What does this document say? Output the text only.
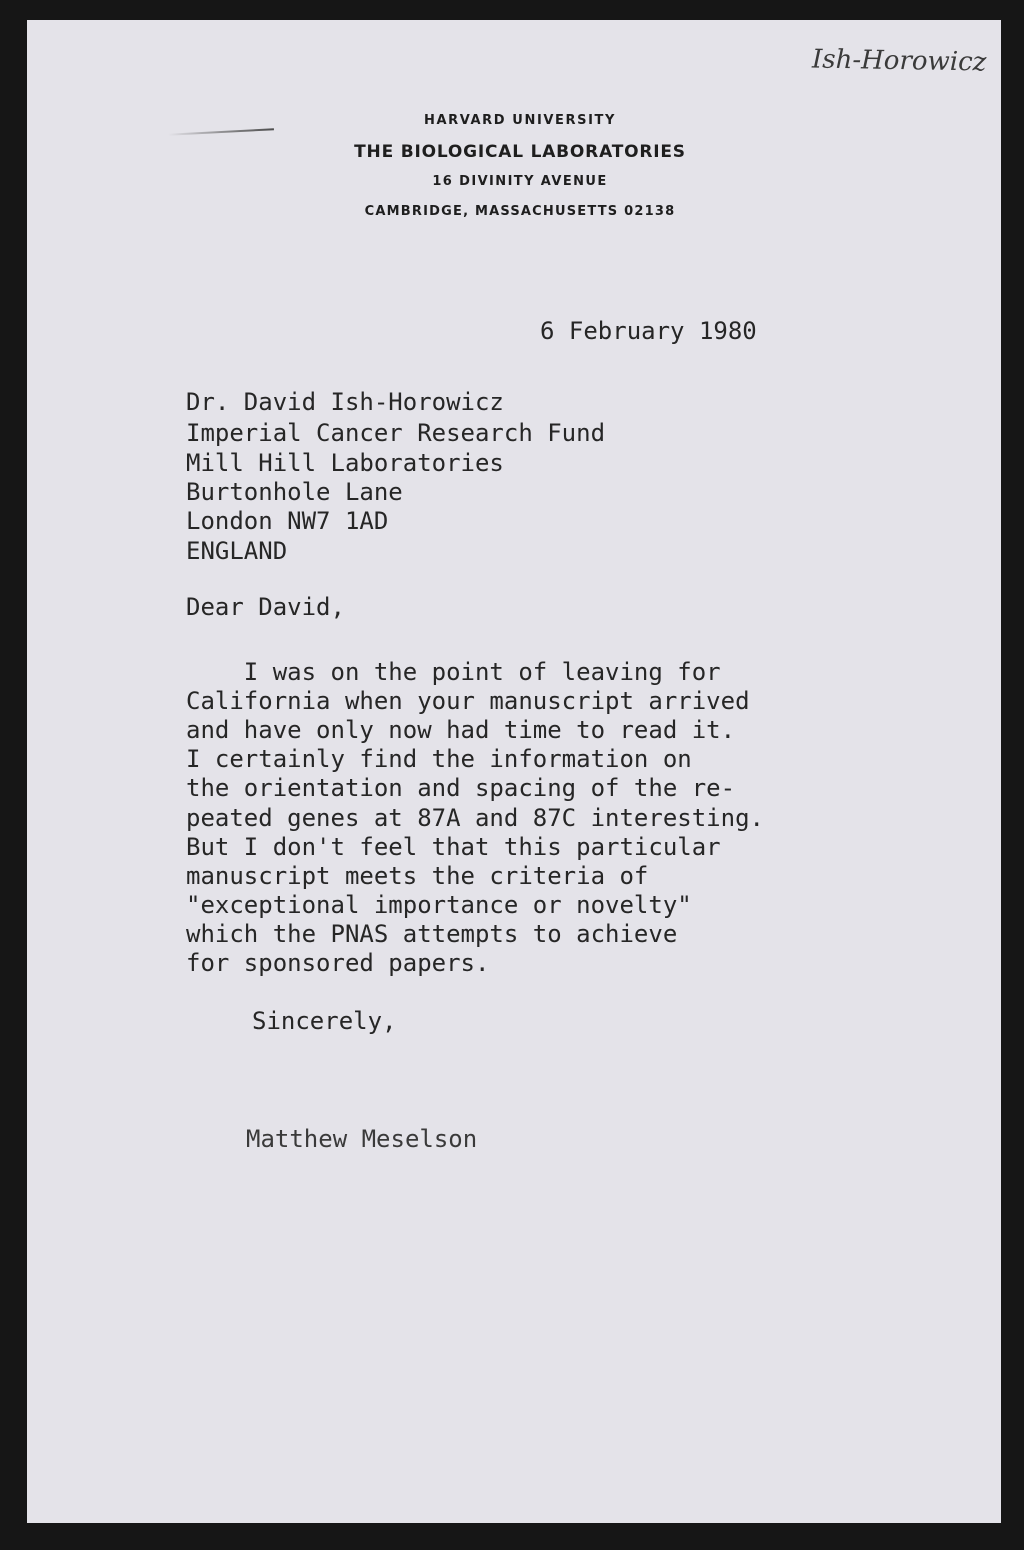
Ish-Horowicz
HARVARD UNIVERSITY
THE BIOLOGICAL LABORATORIES
16 DIVINITY AVENUE
CAMBRIDGE, MASSACHUSETTS 02138
6 February 1980
Dr. David Ish-Horowicz
Imperial Cancer Research Fund
Mill Hill Laboratories
Burtonhole Lane
London NW7 1AD
ENGLAND
Dear David,
I was on the point of leaving for
California when your manuscript arrived
and have only now had time to read it.
I certainly find the information on
the orientation and spacing of the re-
peated genes at 87A and 87C interesting.
But I don't feel that this particular
manuscript meets the criteria of
"exceptional importance or novelty"
which the PNAS attempts to achieve
for sponsored papers.
Sincerely,
Matthew Meselson
